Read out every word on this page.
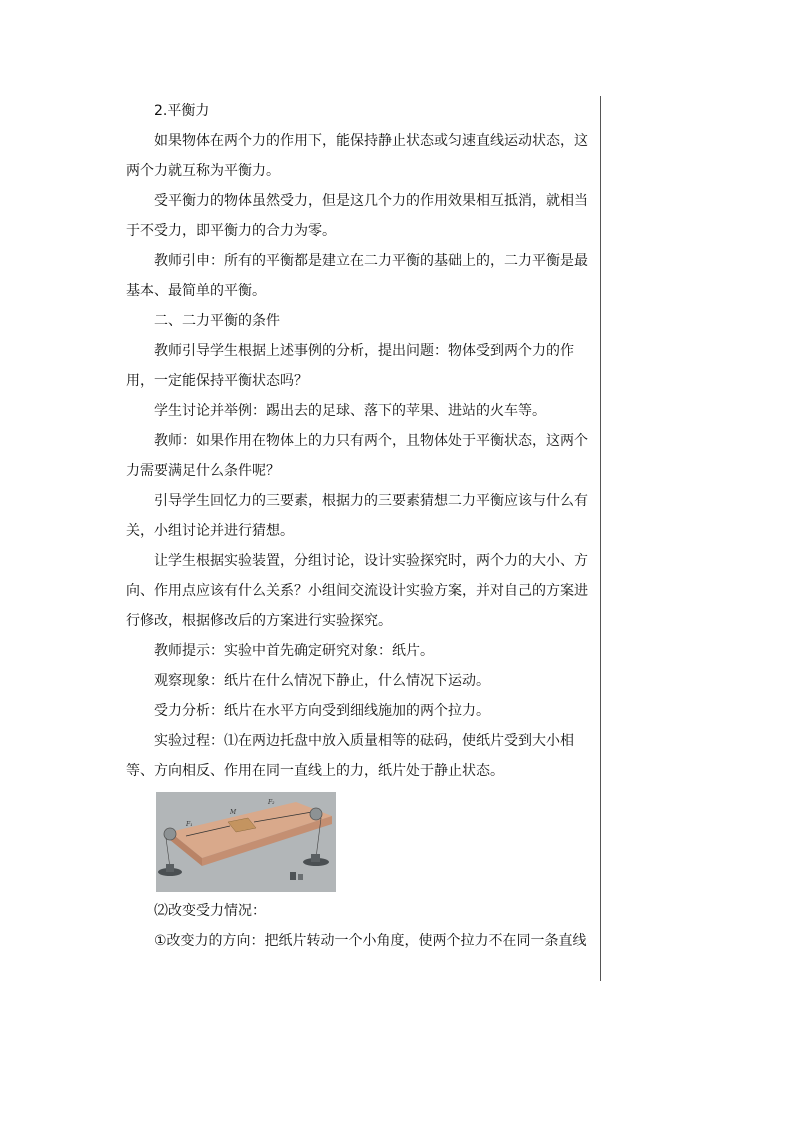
2.平衡力

如果物体在两个力的作用下，能保持静止状态或匀速直线运动状态，这两个力就互称为平衡力。

受平衡力的物体虽然受力，但是这几个力的作用效果相互抵消，就相当于不受力，即平衡力的合力为零。

教师引申：所有的平衡都是建立在二力平衡的基础上的，二力平衡是最基本、最简单的平衡。

二、二力平衡的条件

教师引导学生根据上述事例的分析，提出问题：物体受到两个力的作用，一定能保持平衡状态吗？

学生讨论并举例：踢出去的足球、落下的苹果、进站的火车等。

教师：如果作用在物体上的力只有两个，且物体处于平衡状态，这两个力需要满足什么条件呢？

引导学生回忆力的三要素，根据力的三要素猜想二力平衡应该与什么有关，小组讨论并进行猜想。

让学生根据实验装置，分组讨论，设计实验探究时，两个力的大小、方向、作用点应该有什么关系？小组间交流设计实验方案，并对自己的方案进行修改，根据修改后的方案进行实验探究。

教师提示：实验中首先确定研究对象：纸片。

观察现象：纸片在什么情况下静止，什么情况下运动。

受力分析：纸片在水平方向受到细线施加的两个拉力。

实验过程：⑴在两边托盘中放入质量相等的砝码，使纸片受到大小相等、方向相反、作用在同一直线上的力，纸片处于静止状态。

F₁
M
F₂

⑵改变受力情况：

①改变力的方向：把纸片转动一个小角度，使两个拉力不在同一条直线
